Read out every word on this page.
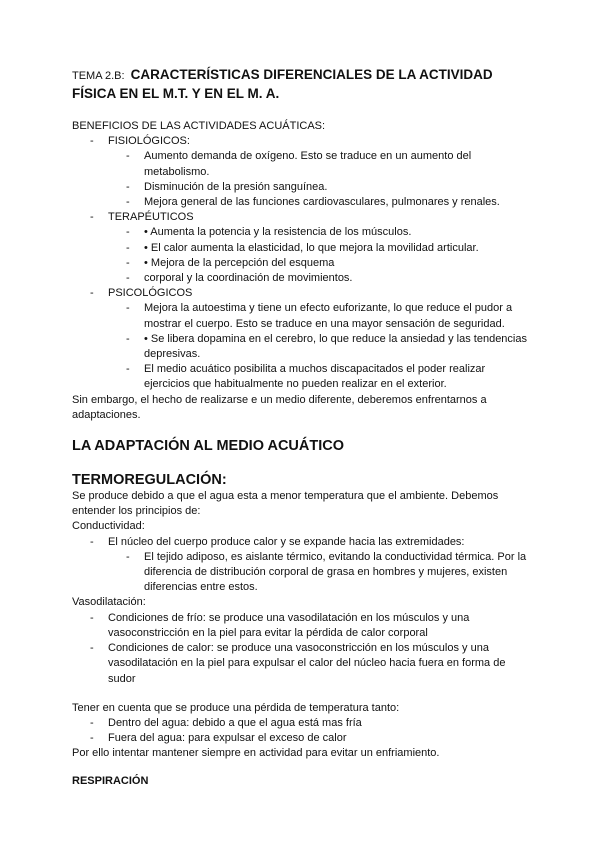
TEMA 2.B: CARACTERÍSTICAS DIFERENCIALES DE LA ACTIVIDAD
FÍSICA EN EL M.T. Y EN EL M. A.
BENEFICIOS DE LAS ACTIVIDADES ACUÁTICAS:
- FISIOLÓGICOS:
- Aumento demanda de oxígeno. Esto se traduce en un aumento del metabolismo.
- Disminución de la presión sanguínea.
- Mejora general de las funciones cardiovasculares, pulmonares y renales.
- TERAPÉUTICOS
- • Aumenta la potencia y la resistencia de los músculos.
- • El calor aumenta la elasticidad, lo que mejora la movilidad articular.
- • Mejora de la percepción del esquema
- corporal y la coordinación de movimientos.
- PSICOLÓGICOS
- Mejora la autoestima y tiene un efecto euforizante, lo que reduce el pudor a mostrar el cuerpo. Esto se traduce en una mayor sensación de seguridad.
- • Se libera dopamina en el cerebro, lo que reduce la ansiedad y las tendencias depresivas.
- El medio acuático posibilita a muchos discapacitados el poder realizar ejercicios que habitualmente no pueden realizar en el exterior.
Sin embargo, el hecho de realizarse e un medio diferente, deberemos enfrentarnos a adaptaciones.
LA ADAPTACIÓN AL MEDIO ACUÁTICO
TERMOREGULACIÓN:
Se produce debido a que el agua esta a menor temperatura que el ambiente. Debemos entender los principios de:
Conductividad:
- El núcleo del cuerpo produce calor y se expande hacia las extremidades:
- El tejido adiposo, es aislante térmico, evitando la conductividad térmica. Por la diferencia de distribución corporal de grasa en hombres y mujeres, existen diferencias entre estos.
Vasodilatación:
- Condiciones de frío: se produce una vasodilatación en los músculos y una vasoconstricción en la piel para evitar la pérdida de calor corporal
- Condiciones de calor: se produce una vasoconstricción en los músculos y una vasodilatación en la piel para expulsar el calor del núcleo hacia fuera en forma de sudor
Tener en cuenta que se produce una pérdida de temperatura tanto:
- Dentro del agua: debido a que el agua está mas fría
- Fuera del agua: para expulsar el exceso de calor
Por ello intentar mantener siempre en actividad para evitar un enfriamiento.
RESPIRACIÓN
